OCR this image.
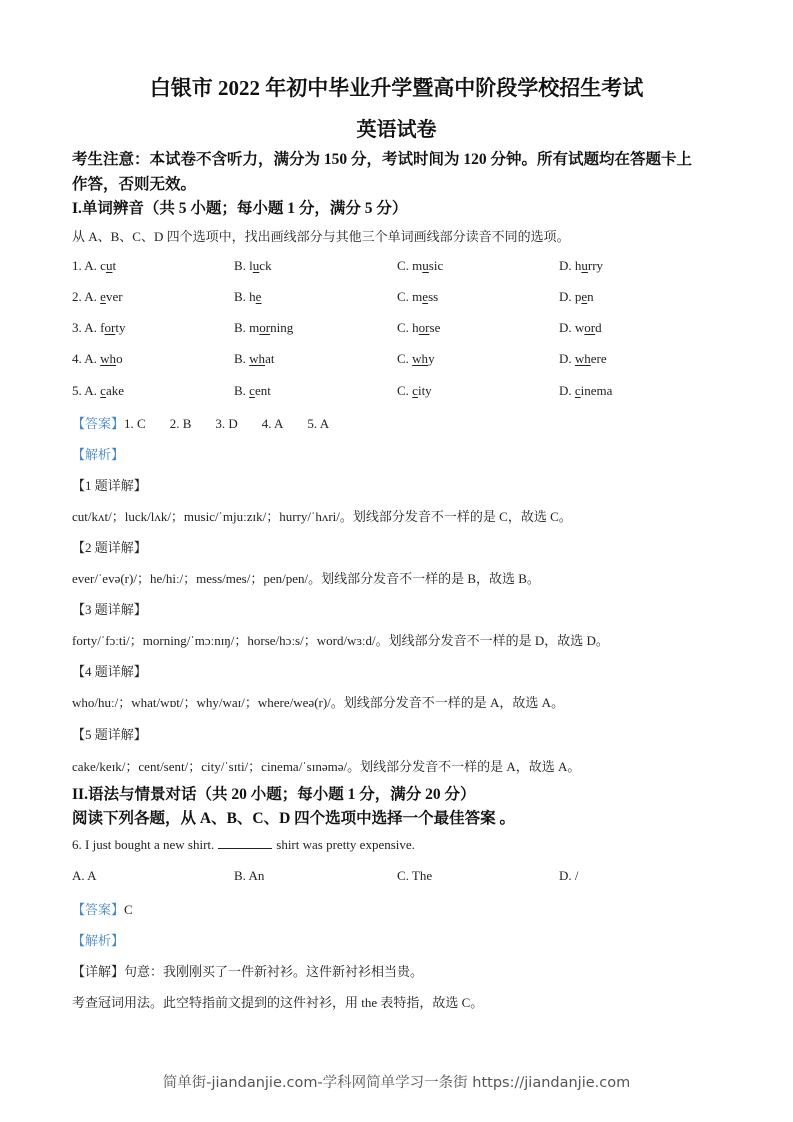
白银市 2022 年初中毕业升学暨高中阶段学校招生考试
英语试卷
考生注意：本试卷不含听力，满分为 150 分，考试时间为 120 分钟。所有试题均在答题卡上
作答，否则无效。
I.单词辨音（共 5 小题；每小题 1 分，满分 5 分）
从 A、B、C、D 四个选项中，找出画线部分与其他三个单词画线部分读音不同的选项。
1. A. cut	B. luck	C. music	D. hurry
2. A. ever	B. he	C. mess	D. pen
3. A. forty	B. morning	C. horse	D. word
4. A. who	B. what	C. why	D. where
5. A. cake	B. cent	C. city	D. cinema
【答案】1. C 2. B 3. D 4. A 5. A
【解析】
【1 题详解】
cut/kʌt/；luck/lʌk/；music/ˈmjuːzɪk/；hurry/ˈhʌri/。划线部分发音不一样的是 C，故选 C。
【2 题详解】
ever/ˈevə(r)/；he/hiː/；mess/mes/；pen/pen/。划线部分发音不一样的是 B，故选 B。
【3 题详解】
forty/ˈfɔːti/；morning/ˈmɔːnɪŋ/；horse/hɔːs/；word/wɜːd/。划线部分发音不一样的是 D，故选 D。
【4 题详解】
who/huː/；what/wɒt/；why/waɪ/；where/weə(r)/。划线部分发音不一样的是 A，故选 A。
【5 题详解】
cake/keɪk/；cent/sent/；city/ˈsɪti/；cinema/ˈsɪnəmə/。划线部分发音不一样的是 A，故选 A。
II.语法与情景对话（共 20 小题；每小题 1 分，满分 20 分）
阅读下列各题，从 A、B、C、D 四个选项中选择一个最佳答案 。
6. I just bought a new shirt.	shirt was pretty expensive.
A. A	B. An	C. The	D. /
【答案】C
【解析】
【详解】句意：我刚刚买了一件新衬衫。这件新衬衫相当贵。
考查冠词用法。此空特指前文提到的这件衬衫，用 the 表特指，故选 C。
简单街-jiandanjie.com-学科网简单学习一条街 https://jiandanjie.com
